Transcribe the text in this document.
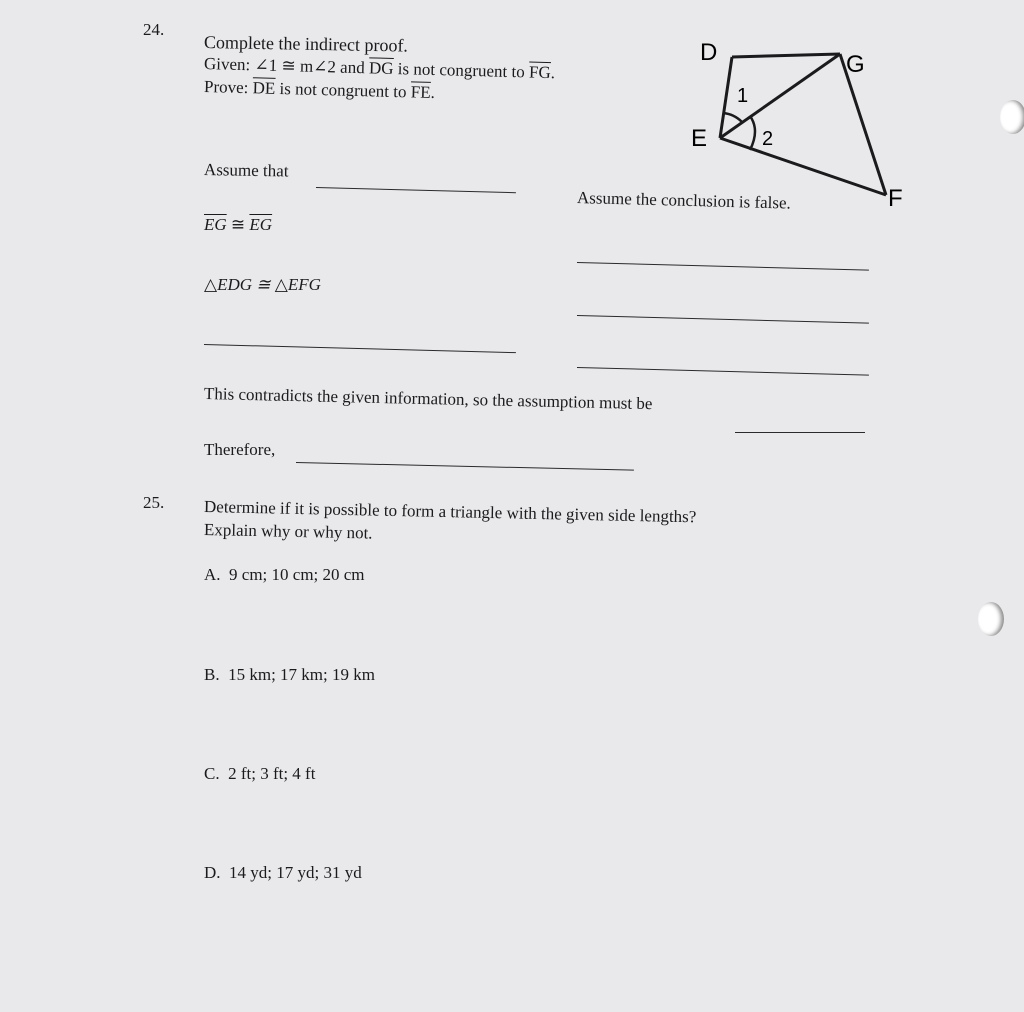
24.
Complete the indirect proof.
Given: ∠1 ≅ m∠2 and $\overline{DG}$ is not congruent to $\overline{FG}$.
Prove: $\overline{DE}$ is not congruent to $\overline{FE}$.
D	G
E
F
1
2
Assume that
Assume the conclusion is false.
$\overline{EG}$ ≅ $\overline{EG}$
△EDG ≅ △EFG
This contradicts the given information, so the assumption must be
Therefore,
25. Determine if it is possible to form a triangle with the given side lengths?
Explain why or why not.
A. 9 cm; 10 cm; 20 cm
B. 15 km; 17 km; 19 km
C. 2 ft; 3 ft; 4 ft
D. 14 yd; 17 yd; 31 yd
